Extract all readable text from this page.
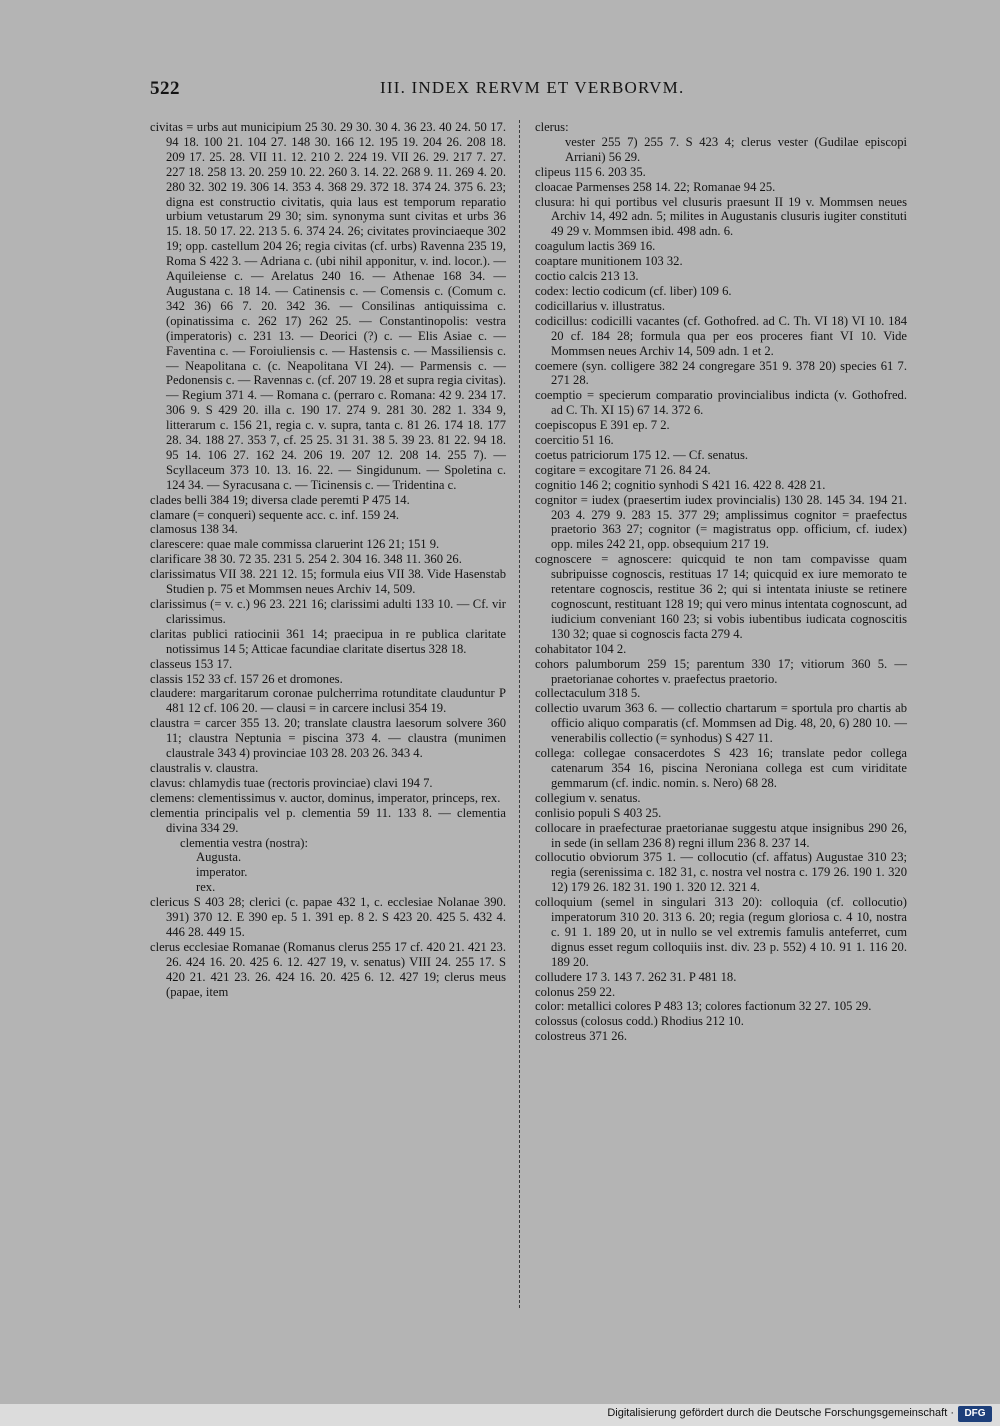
522	III. INDEX RERVM ET VERBORVM.

civitas = urbs aut municipium 25 30. 29 30. 30 4. 36 23. 40 24. 50 17. 94 18. 100 21. 104 27. 148 30. 166 12. 195 19. 204 26. 208 18. 209 17. 25. 28. VII 11. 12. 210 2. 224 19. VII 26. 29. 217 7. 27. 227 18. 258 13. 20. 259 10. 22. 260 3. 14. 22. 268 9. 11. 269 4. 20. 280 32. 302 19. 306 14. 353 4. 368 29. 372 18. 374 24. 375 6. 23; digna est constructio civitatis, quia laus est temporum reparatio urbium vetustarum 29 30; sim. synonyma sunt civitas et urbs 36 15. 18. 50 17. 22. 213 5. 6. 374 24. 26; civitates provinciaeque 302 19; opp. castellum 204 26; regia civitas (cf. urbs) Ravenna 235 19, Roma S 422 3. — Adriana c. (ubi nihil apponitur, v. ind. locor.). — Aquileiense c. — Arelatus 240 16. — Athenae 168 34. — Augustana c. 18 14. — Catinensis c. — Comensis c. (Comum c. 342 36) 66 7. 20. 342 36. — Consilinas antiquissima c. (opinatissima c. 262 17) 262 25. — Constantinopolis: vestra (imperatoris) c. 231 13. — Deorici (?) c. — Elis Asiae c. — Faventina c. — Foroiuliensis c. — Hastensis c. — Massiliensis c. — Neapolitana c. (c. Neapolitana VI 24). — Parmensis c. — Pedonensis c. — Ravennas c. (cf. 207 19. 28 et supra regia civitas). — Regium 371 4. — Romana c. (perraro c. Romana: 42 9. 234 17. 306 9. S 429 20. illa c. 190 17. 274 9. 281 30. 282 1. 334 9, litterarum c. 156 21, regia c. v. supra, tanta c. 81 26. 174 18. 177 28. 34. 188 27. 353 7, cf. 25 25. 31 31. 38 5. 39 23. 81 22. 94 18. 95 14. 106 27. 162 24. 206 19. 207 12. 208 14. 255 7). — Scyllaceum 373 10. 13. 16. 22. — Singidunum. — Spoletina c. 124 34. — Syracusana c. — Ticinensis c. — Tridentina c.

clades belli 384 19; diversa clade peremti P 475 14.

clamare (= conqueri) sequente acc. c. inf. 159 24.

clamosus 138 34.

clarescere: quae male commissa claruerint 126 21; 151 9.

clarificare 38 30. 72 35. 231 5. 254 2. 304 16. 348 11. 360 26.

clarissimatus VII 38. 221 12. 15; formula eius VII 38. Vide Hasenstab Studien p. 75 et Mommsen neues Archiv 14, 509.

clarissimus (= v. c.) 96 23. 221 16; clarissimi adulti 133 10. — Cf. vir clarissimus.

claritas publici ratiocinii 361 14; praecipua in re publica claritate notissimus 14 5; Atticae facundiae claritate disertus 328 18.

classeus 153 17.

classis 152 33 cf. 157 26 et dromones.

claudere: margaritarum coronae pulcherrima rotunditate clauduntur P 481 12 cf. 106 20. — clausi = in carcere inclusi 354 19.

claustra = carcer 355 13. 20; translate claustra laesorum solvere 360 11; claustra Neptunia = piscina 373 4. — claustra (munimen claustrale 343 4) provinciae 103 28. 203 26. 343 4.

claustralis v. claustra.

clavus: chlamydis tuae (rectoris provinciae) clavi 194 7.

clemens: clementissimus v. auctor, dominus, imperator, princeps, rex.

clementia principalis vel p. clementia 59 11. 133 8. — clementia divina 334 29.

clementia vestra (nostra):

Augusta.

imperator.

rex.

clericus S 403 28; clerici (c. papae 432 1, c. ecclesiae Nolanae 390. 391) 370 12. E 390 ep. 5 1. 391 ep. 8 2. S 423 20. 425 5. 432 4. 446 28. 449 15.

clerus ecclesiae Romanae (Romanus clerus 255 17 cf. 420 21. 421 23. 26. 424 16. 20. 425 6. 12. 427 19, v. senatus) VIII 24. 255 17. S 420 21. 421 23. 26. 424 16. 20. 425 6. 12. 427 19; clerus meus (papae, item

clerus:

vester 255 7) 255 7. S 423 4; clerus vester (Gudilae episcopi Arriani) 56 29.

clipeus 115 6. 203 35.

cloacae Parmenses 258 14. 22; Romanae 94 25.

clusura: hi qui portibus vel clusuris praesunt II 19 v. Mommsen neues Archiv 14, 492 adn. 5; milites in Augustanis clusuris iugiter constituti 49 29 v. Mommsen ibid. 498 adn. 6.

coagulum lactis 369 16.

coaptare munitionem 103 32.

coctio calcis 213 13.

codex: lectio codicum (cf. liber) 109 6.

codicillarius v. illustratus.

codicillus: codicilli vacantes (cf. Gothofred. ad C. Th. VI 18) VI 10. 184 20 cf. 184 28; formula qua per eos proceres fiant VI 10. Vide Mommsen neues Archiv 14, 509 adn. 1 et 2.

coemere (syn. colligere 382 24 congregare 351 9. 378 20) species 61 7. 271 28.

coemptio = specierum comparatio provincialibus indicta (v. Gothofred. ad C. Th. XI 15) 67 14. 372 6.

coepiscopus E 391 ep. 7 2.

coercitio 51 16.

coetus patriciorum 175 12. — Cf. senatus.

cogitare = excogitare 71 26. 84 24.

cognitio 146 2; cognitio synhodi S 421 16. 422 8. 428 21.

cognitor = iudex (praesertim iudex provincialis) 130 28. 145 34. 194 21. 203 4. 279 9. 283 15. 377 29; amplissimus cognitor = praefectus praetorio 363 27; cognitor (= magistratus opp. officium, cf. iudex) opp. miles 242 21, opp. obsequium 217 19.

cognoscere = agnoscere: quicquid te non tam compavisse quam subripuisse cognoscis, restituas 17 14; quicquid ex iure memorato te retentare cognoscis, restitue 36 2; qui si intentata iniuste se retinere cognoscunt, restituant 128 19; qui vero minus intentata cognoscunt, ad iudicium conveniant 160 23; si vobis iubentibus iudicata cognoscitis 130 32; quae si cognoscis facta 279 4.

cohabitator 104 2.

cohors palumborum 259 15; parentum 330 17; vitiorum 360 5. — praetorianae cohortes v. praefectus praetorio.

collectaculum 318 5.

collectio uvarum 363 6. — collectio chartarum = sportula pro chartis ab officio aliquo comparatis (cf. Mommsen ad Dig. 48, 20, 6) 280 10. — venerabilis collectio (= synhodus) S 427 11.

collega: collegae consacerdotes S 423 16; translate pedor collega catenarum 354 16, piscina Neroniana collega est cum viriditate gemmarum (cf. indic. nomin. s. Nero) 68 28.

collegium v. senatus.

conlisio populi S 403 25.

collocare in praefecturae praetorianae suggestu atque insignibus 290 26, in sede (in sellam 236 8) regni illum 236 8. 237 14.

collocutio obviorum 375 1. — collocutio (cf. affatus) Augustae 310 23; regia (serenissima c. 182 31, c. nostra vel nostra c. 179 26. 190 1. 320 12) 179 26. 182 31. 190 1. 320 12. 321 4.

colloquium (semel in singulari 313 20): colloquia (cf. collocutio) imperatorum 310 20. 313 6. 20; regia (regum gloriosa c. 4 10, nostra c. 91 1. 189 20, ut in nullo se vel extremis famulis anteferret, cum dignus esset regum colloquiis inst. div. 23 p. 552) 4 10. 91 1. 116 20. 189 20.

colludere 17 3. 143 7. 262 31. P 481 18.

colonus 259 22.

color: metallici colores P 483 13; colores factionum 32 27. 105 29.

colossus (colosus codd.) Rhodius 212 10.

colostreus 371 26.

Digitalisierung gefördert durch die Deutsche Forschungsgemeinschaft ·	DFG
